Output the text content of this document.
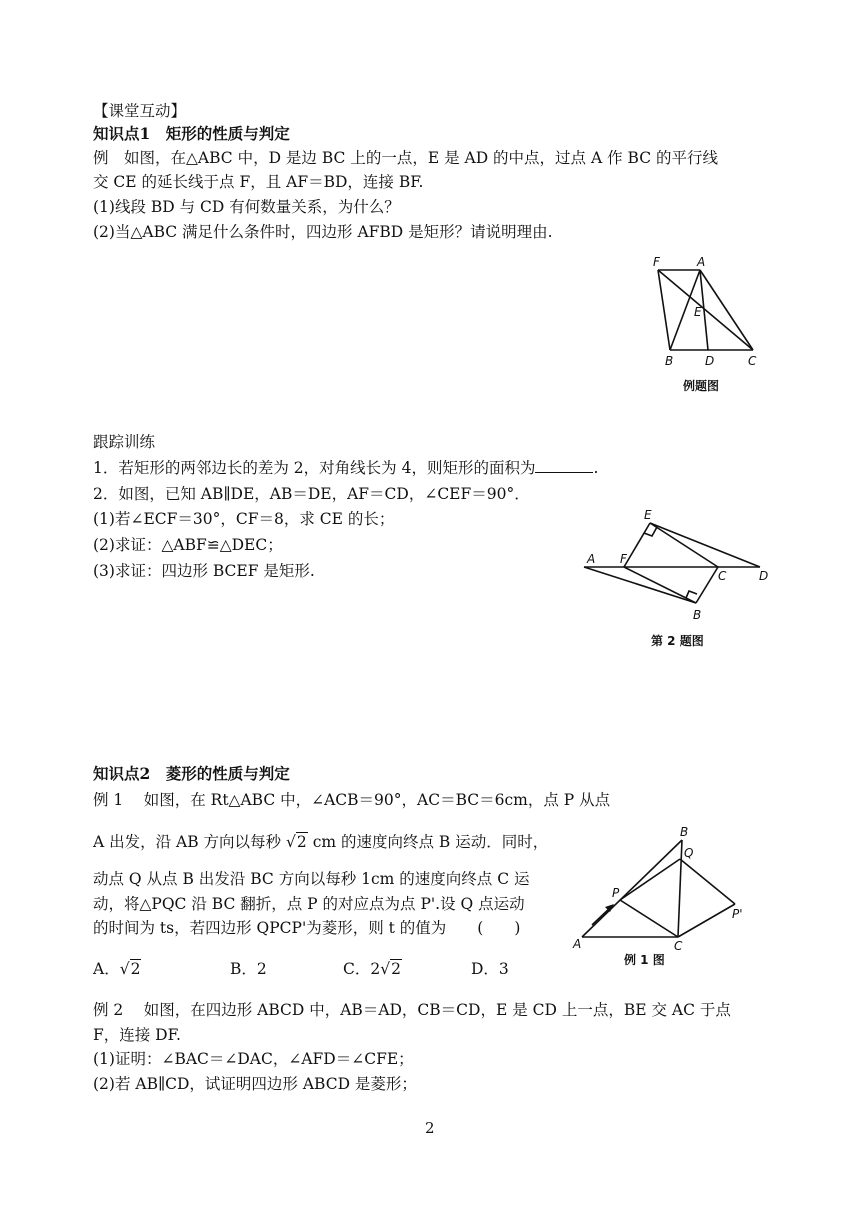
【课堂互动】
知识点1　矩形的性质与判定
例　如图，在△ABC 中，D 是边 BC 上的一点，E 是 AD 的中点，过点 A 作 BC 的平行线
交 CE 的延长线于点 F，且 AF＝BD，连接 BF.
(1)线段 BD 与 CD 有何数量关系，为什么？
(2)当△ABC 满足什么条件时，四边形 AFBD 是矩形？请说明理由.
F	A
E
B	D	C
例题图
跟踪训练
1．若矩形的两邻边长的差为 2，对角线长为 4，则矩形的面积为	.
2．如图，已知 AB∥DE，AB＝DE，AF＝CD，∠CEF＝90°．
(1)若∠ECF＝30°，CF＝8，求 CE 的长；
(2)求证：△ABF≌△DEC；
(3)求证：四边形 BCEF 是矩形.
E
A F
C	D
B
第 2 题图
知识点2　菱形的性质与判定
例 1　 如图，在 Rt△ABC 中，∠ACB＝90°，AC＝BC＝6cm，点 P 从点
A 出发，沿 AB 方向以每秒 √2 cm 的速度向终点 B 运动．同时，
动点 Q 从点 B 出发沿 BC 方向以每秒 1cm 的速度向终点 C 运
动，将△PQC 沿 BC 翻折，点 P 的对应点为点 P'.设 Q 点运动
的时间为 ts，若四边形 QPCP'为菱形，则 t 的值为　　(　　)
A．√2	B．2	C．2√2	D．3
B
Q
P
P'
A	C
例 1 图
例 2　 如图，在四边形 ABCD 中，AB＝AD，CB＝CD，E 是 CD 上一点，BE 交 AC 于点
F，连接 DF.
(1)证明：∠BAC＝∠DAC，∠AFD＝∠CFE；
(2)若 AB∥CD，试证明四边形 ABCD 是菱形；
2
